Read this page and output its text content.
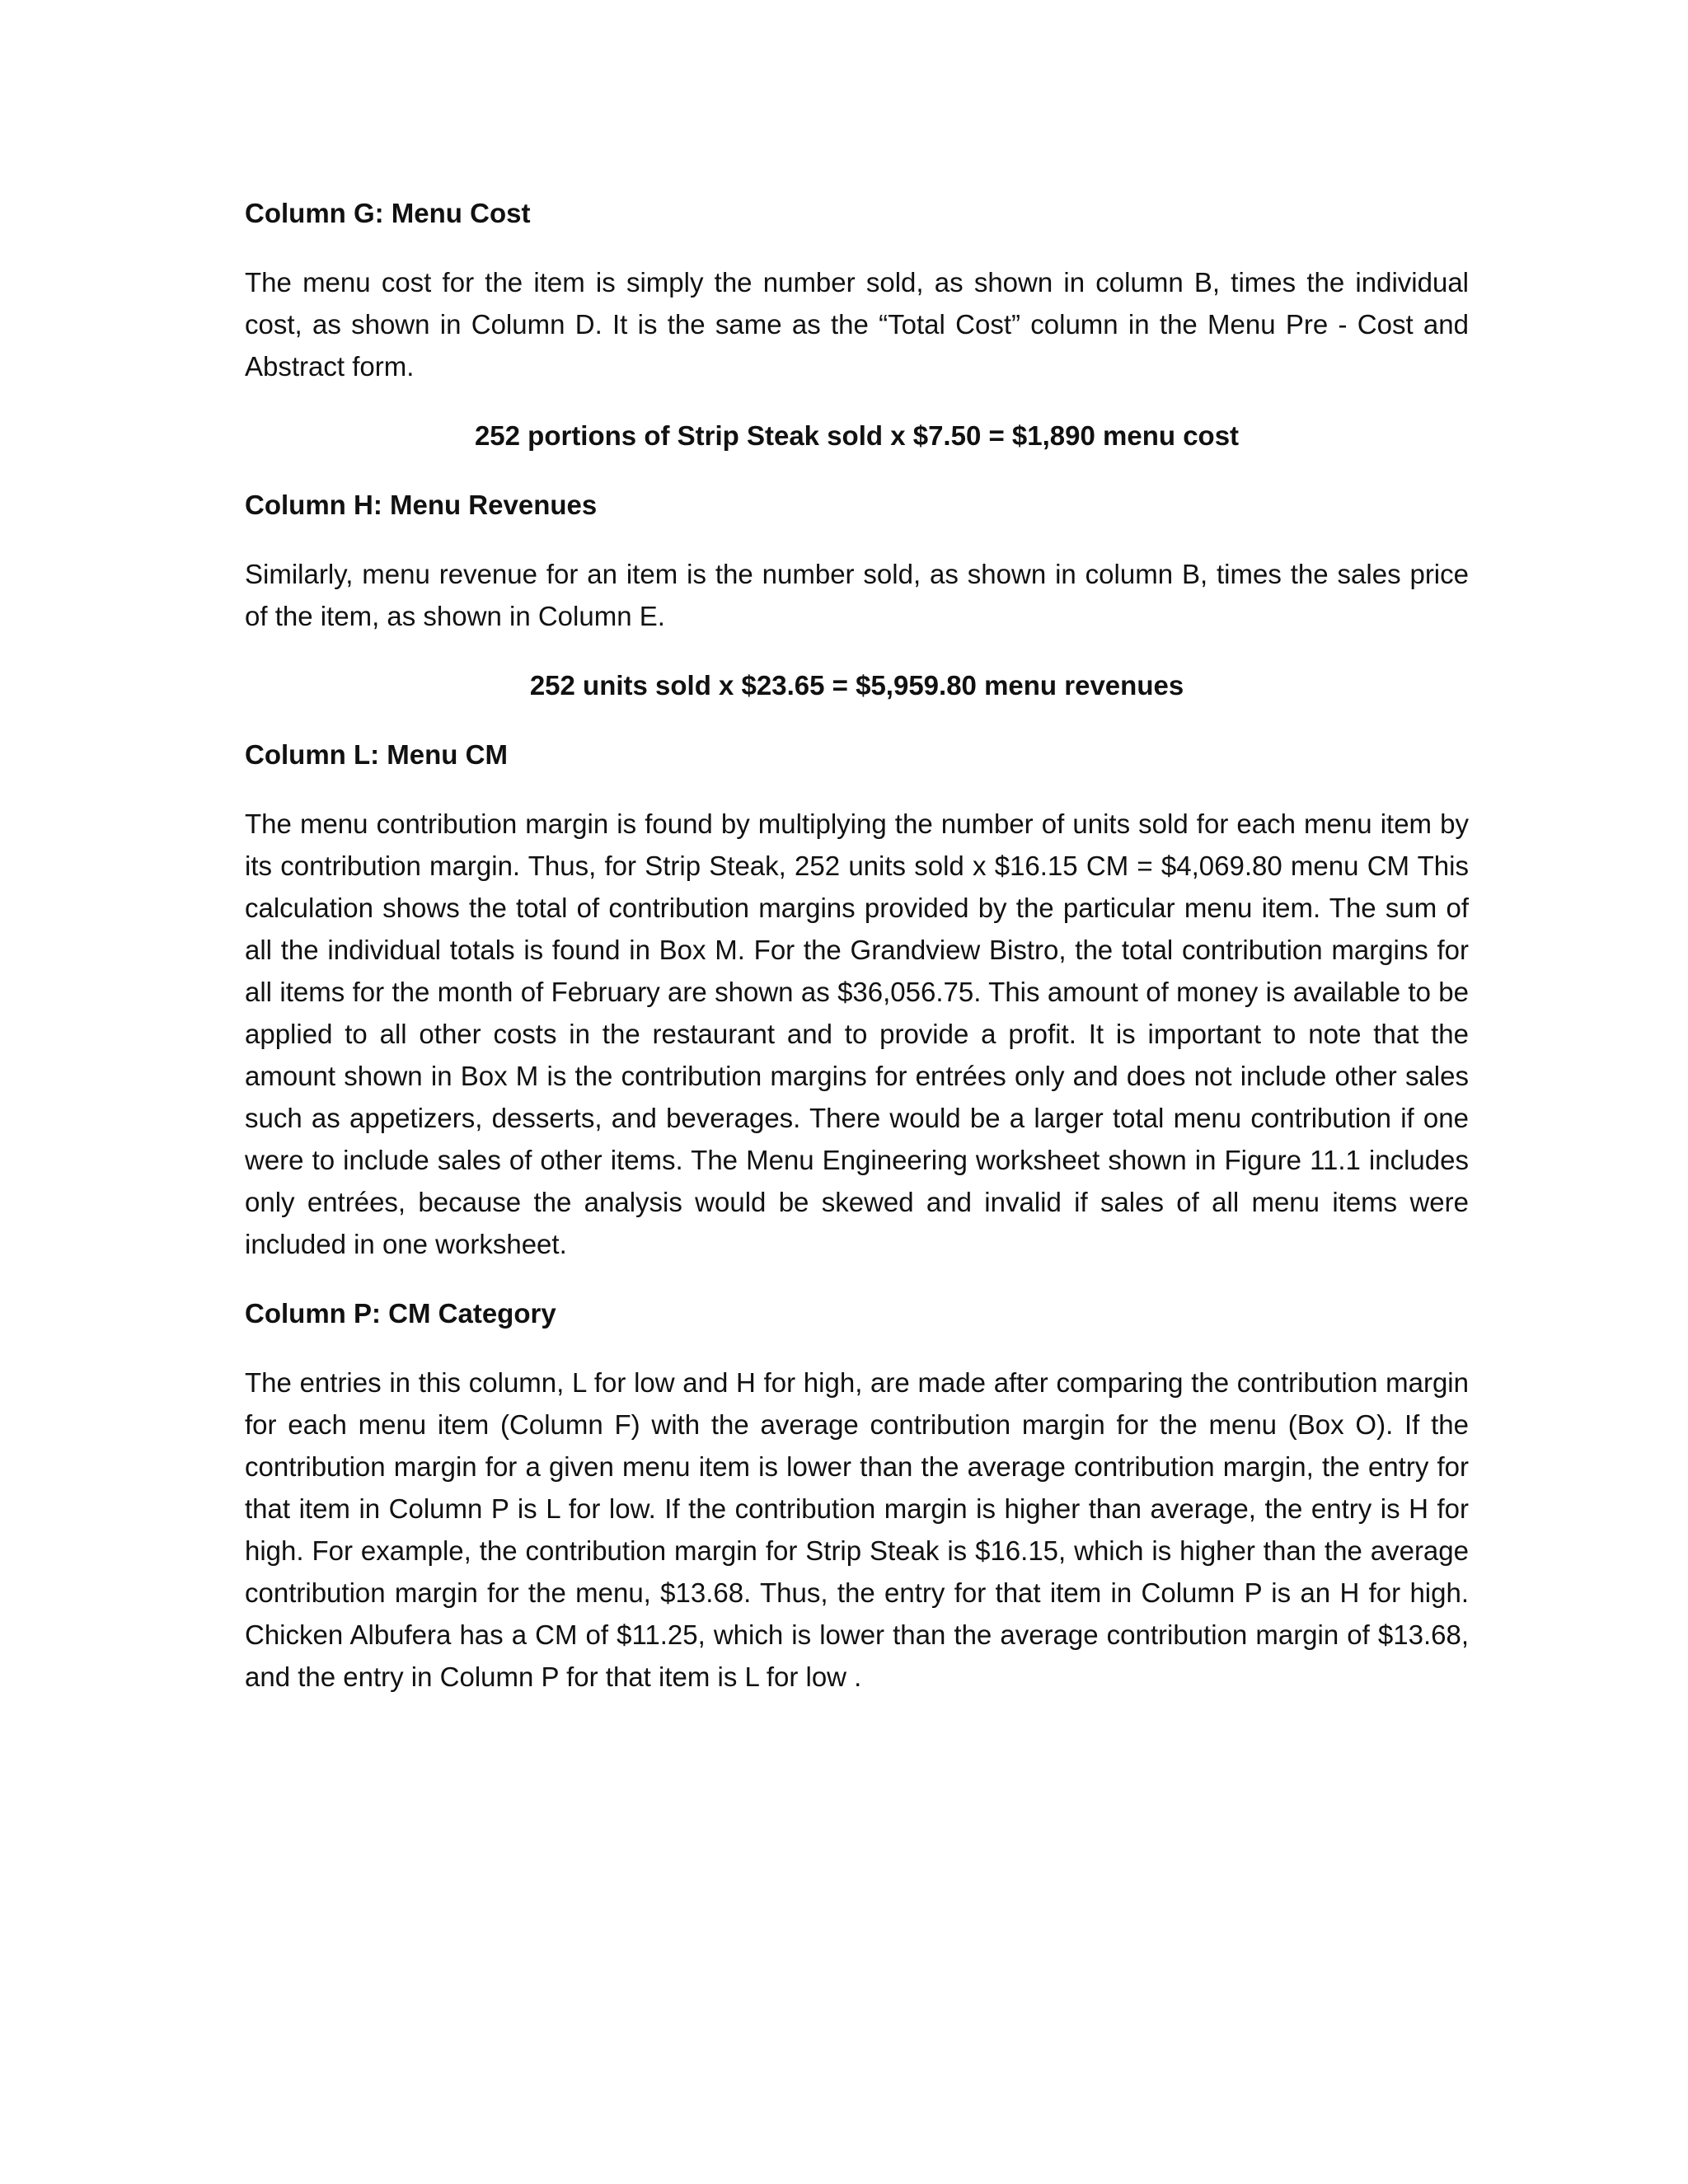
Column G: Menu Cost
The menu cost for the item is simply the number sold, as shown in column B, times the individual cost, as shown in Column D. It is the same as the “Total Cost” column in the Menu Pre - Cost and Abstract form.
252 portions of Strip Steak sold x $7.50 = $1,890 menu cost
Column H: Menu Revenues
Similarly, menu revenue for an item is the number sold, as shown in column B, times the sales price of the item, as shown in Column E.
252 units sold x $23.65 = $5,959.80 menu revenues
Column L: Menu CM
The menu contribution margin is found by multiplying the number of units sold for each menu item by its contribution margin. Thus, for Strip Steak, 252 units sold x $16.15 CM = $4,069.80 menu CM This calculation shows the total of contribution margins provided by the particular menu item. The sum of all the individual totals is found in Box M. For the Grandview Bistro, the total contribution margins for all items for the month of February are shown as $36,056.75. This amount of money is available to be applied to all other costs in the restaurant and to provide a profit. It is important to note that the amount shown in Box M is the contribution margins for entrées only and does not include other sales such as appetizers, desserts, and beverages. There would be a larger total menu contribution if one were to include sales of other items. The Menu Engineering worksheet shown in Figure 11.1 includes only entrées, because the analysis would be skewed and invalid if sales of all menu items were included in one worksheet.
Column P: CM Category
The entries in this column, L for low and H for high, are made after comparing the contribution margin for each menu item (Column F) with the average contribution margin for the menu (Box O). If the contribution margin for a given menu item is lower than the average contribution margin, the entry for that item in Column P is L for low. If the contribution margin is higher than average, the entry is H for high. For example, the contribution margin for Strip Steak is $16.15, which is higher than the average contribution margin for the menu, $13.68. Thus, the entry for that item in Column P is an H for high. Chicken Albufera has a CM of $11.25, which is lower than the average contribution margin of $13.68, and the entry in Column P for that item is L for low .
